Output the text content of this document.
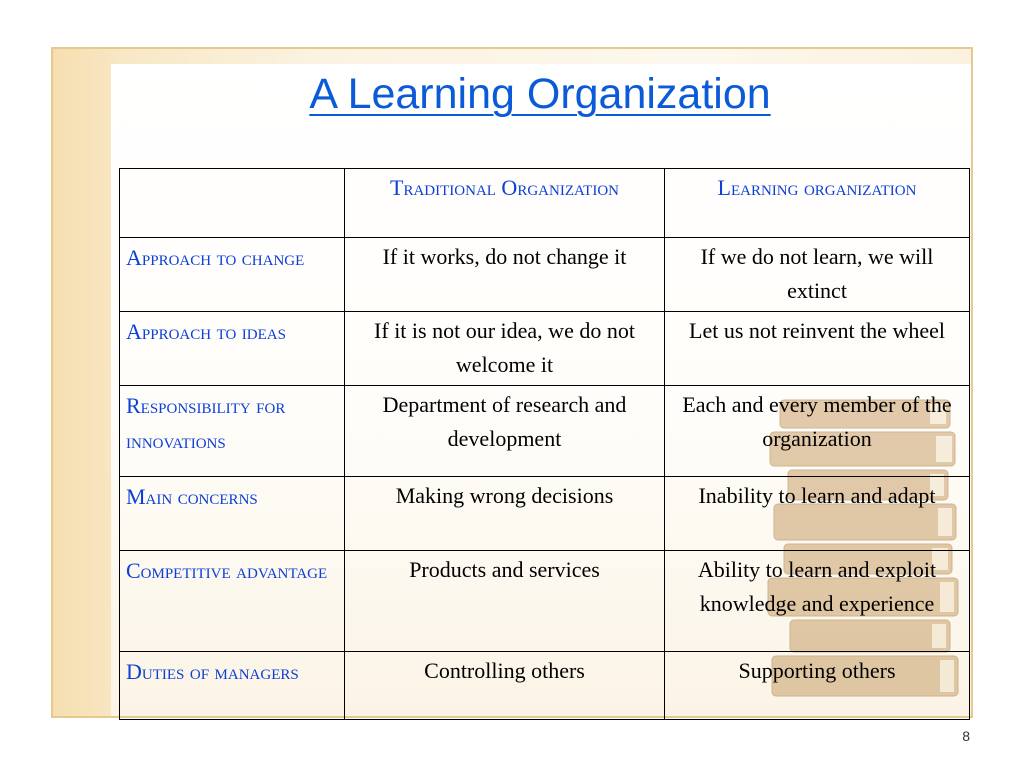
A Learning Organization
	Traditional Organization	Learning organization
Approach to change	If it works, do not change it	If we do not learn, we will extinct
Approach to ideas	If it is not our idea, we do not welcome it	Let us not reinvent the wheel
Responsibility for innovations	Department of research and development	Each and every member of the organization
Main concerns	Making wrong decisions	Inability to learn and adapt
Competitive advantage	Products and services	Ability to learn and exploit knowledge and experience
Duties of managers	Controlling others	Supporting others
8
